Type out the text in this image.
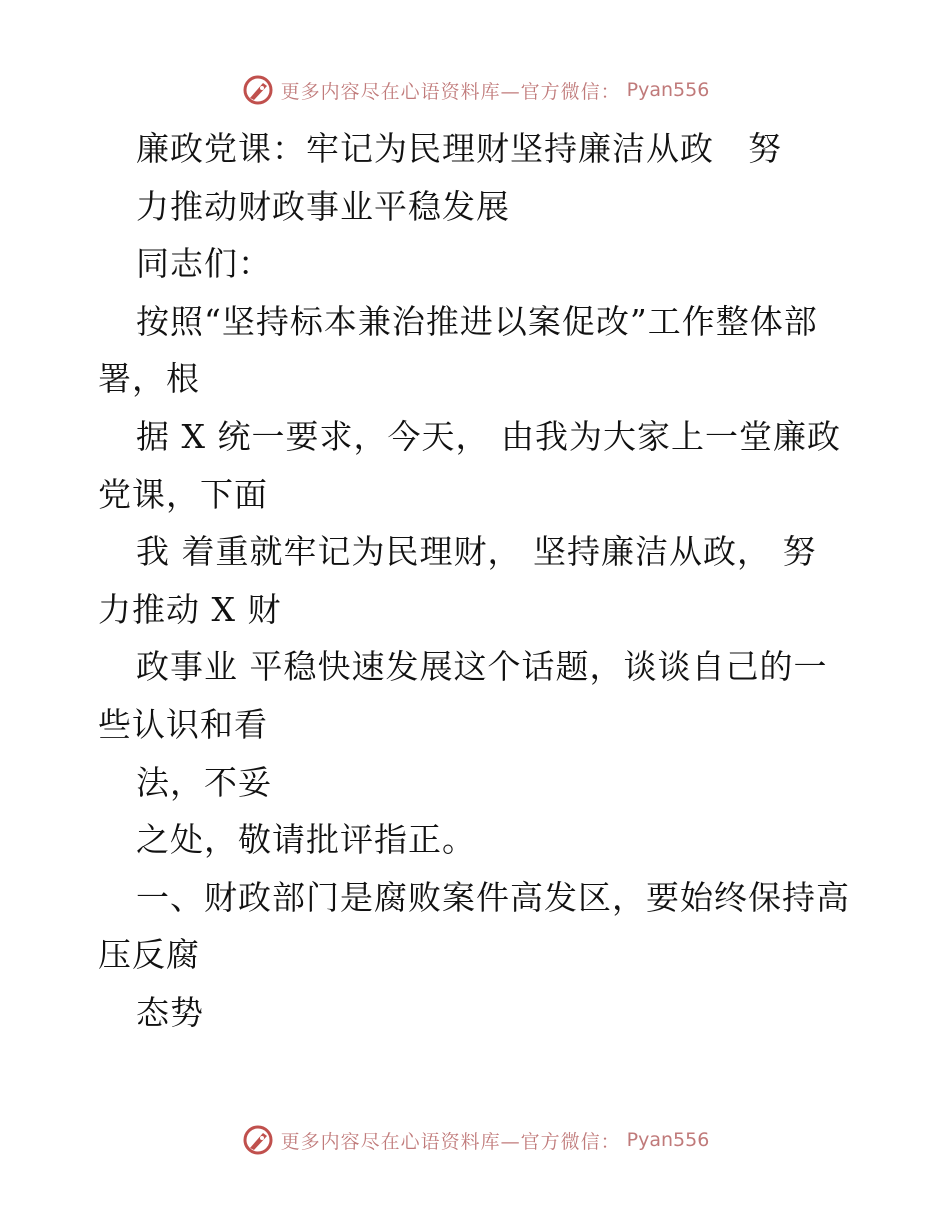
更多内容尽在心语资料库—官方微信： Pyan556
廉政党课：牢记为民理财坚持廉洁从政　努
力推动财政事业平稳发展
同志们：
按照“坚持标本兼治推进以案促改”工作整体部
署，根
据 X 统一要求，今天， 由我为大家上一堂廉政
党课，下面
我 着重就牢记为民理财， 坚持廉洁从政， 努
力推动 X 财
政事业 平稳快速发展这个话题，谈谈自己的一
些认识和看
法，不妥
之处，敬请批评指正。
一、财政部门是腐败案件高发区，要始终保持高
压反腐
态势
更多内容尽在心语资料库—官方微信： Pyan556
